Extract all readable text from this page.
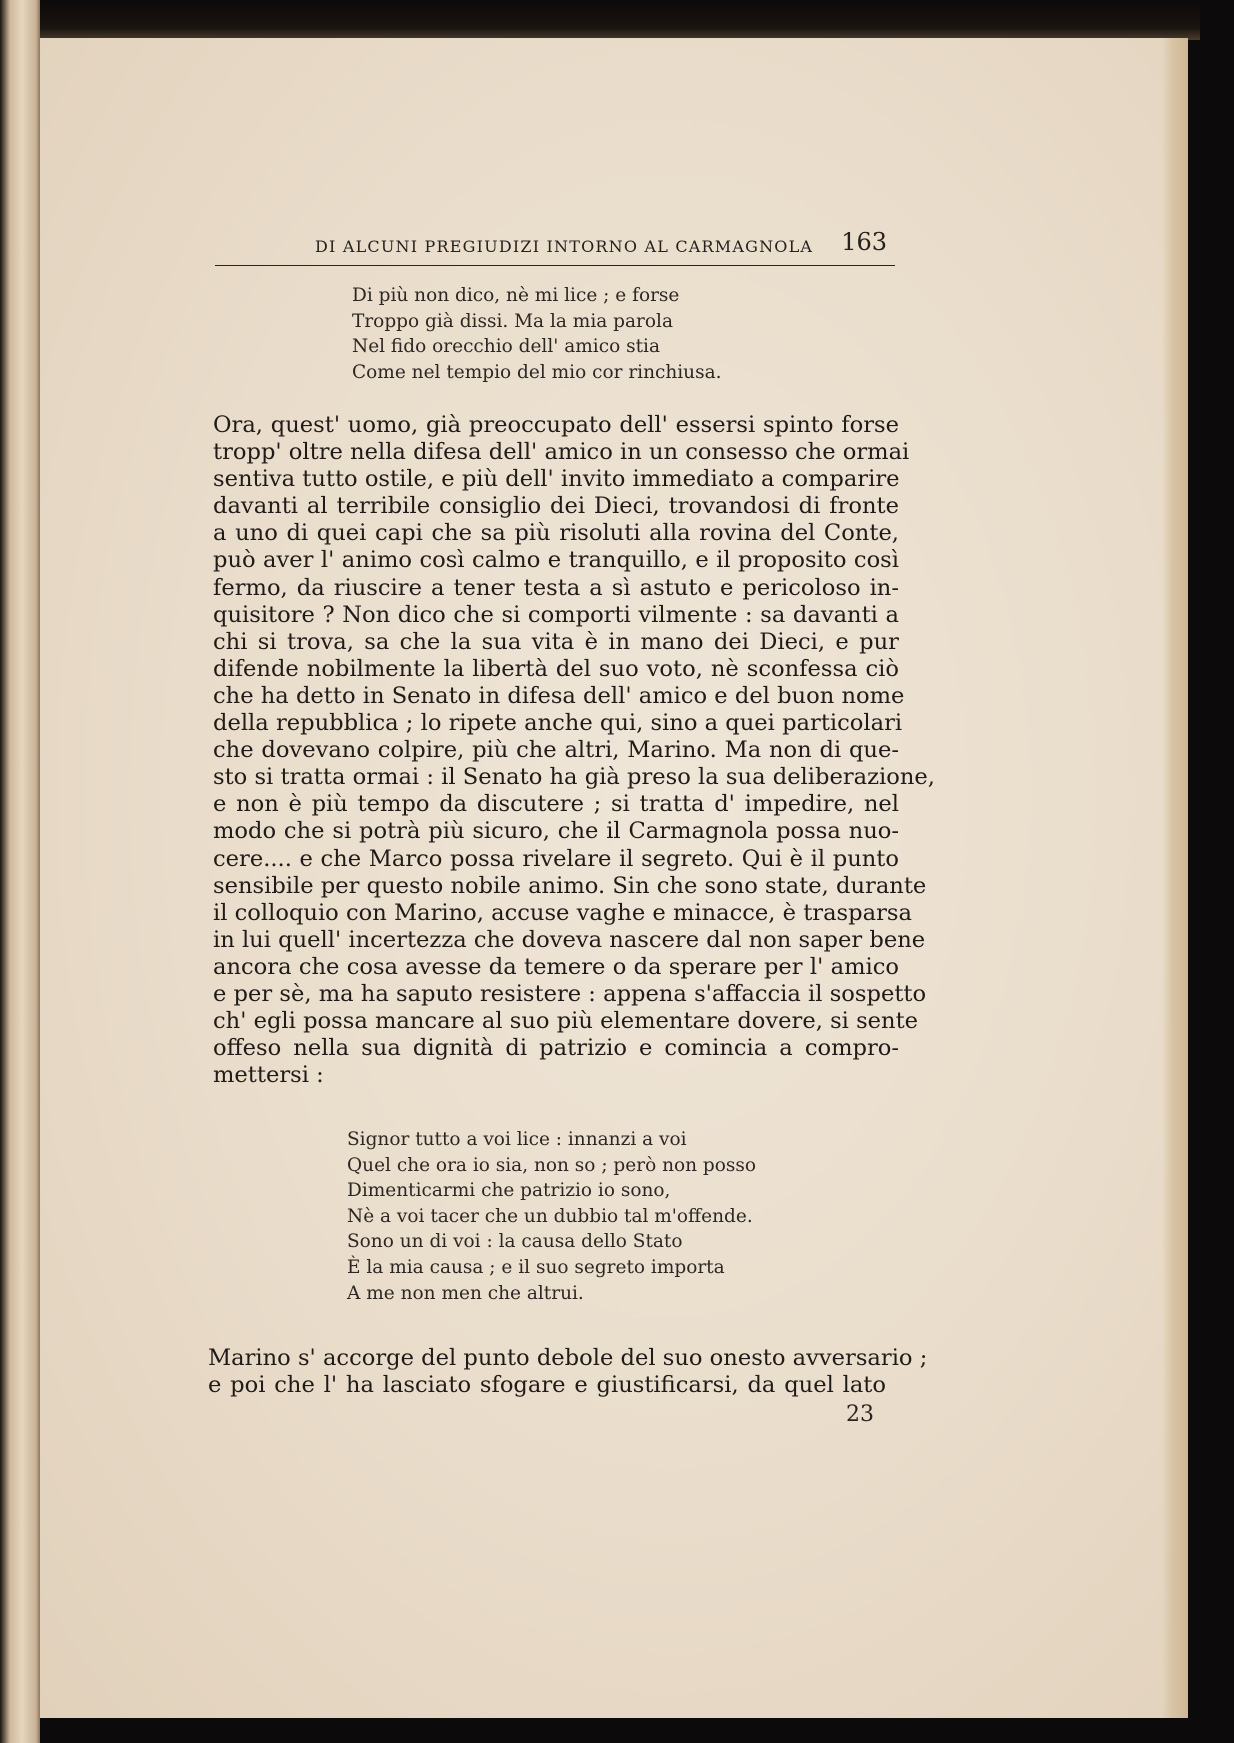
DI ALCUNI PREGIUDIZI INTORNO AL CARMAGNOLA 163
Di più non dico, nè mi lice ; e forse
Troppo già dissi. Ma la mia parola
Nel fido orecchio dell' amico stia
Come nel tempio del mio cor rinchiusa.
Ora, quest' uomo, già preoccupato dell' essersi spinto forse
tropp' oltre nella difesa dell' amico in un consesso che ormai
sentiva tutto ostile, e più dell' invito immediato a comparire
davanti al terribile consiglio dei Dieci, trovandosi di fronte
a uno di quei capi che sa più risoluti alla rovina del Conte,
può aver l' animo così calmo e tranquillo, e il proposito così
fermo, da riuscire a tener testa a sì astuto e pericoloso in-
quisitore ? Non dico che si comporti vilmente : sa davanti a
chi si trova, sa che la sua vita è in mano dei Dieci, e pur
difende nobilmente la libertà del suo voto, nè sconfessa ciò
che ha detto in Senato in difesa dell' amico e del buon nome
della repubblica ; lo ripete anche qui, sino a quei particolari
che dovevano colpire, più che altri, Marino. Ma non di que-
sto si tratta ormai : il Senato ha già preso la sua deliberazione,
e non è più tempo da discutere ; si tratta d' impedire, nel
modo che si potrà più sicuro, che il Carmagnola possa nuo-
cere.... e che Marco possa rivelare il segreto. Qui è il punto
sensibile per questo nobile animo. Sin che sono state, durante
il colloquio con Marino, accuse vaghe e minacce, è trasparsa
in lui quell' incertezza che doveva nascere dal non saper bene
ancora che cosa avesse da temere o da sperare per l' amico
e per sè, ma ha saputo resistere : appena s'affaccia il sospetto
ch' egli possa mancare al suo più elementare dovere, si sente
offeso nella sua dignità di patrizio e comincia a compro-
mettersi :
Signor tutto a voi lice : innanzi a voi
Quel che ora io sia, non so ; però non posso
Dimenticarmi che patrizio io sono,
Nè a voi tacer che un dubbio tal m'offende.
Sono un di voi : la causa dello Stato
È la mia causa ; e il suo segreto importa
A me non men che altrui.
Marino s' accorge del punto debole del suo onesto avversario ;
e poi che l' ha lasciato sfogare e giustificarsi, da quel lato
23
